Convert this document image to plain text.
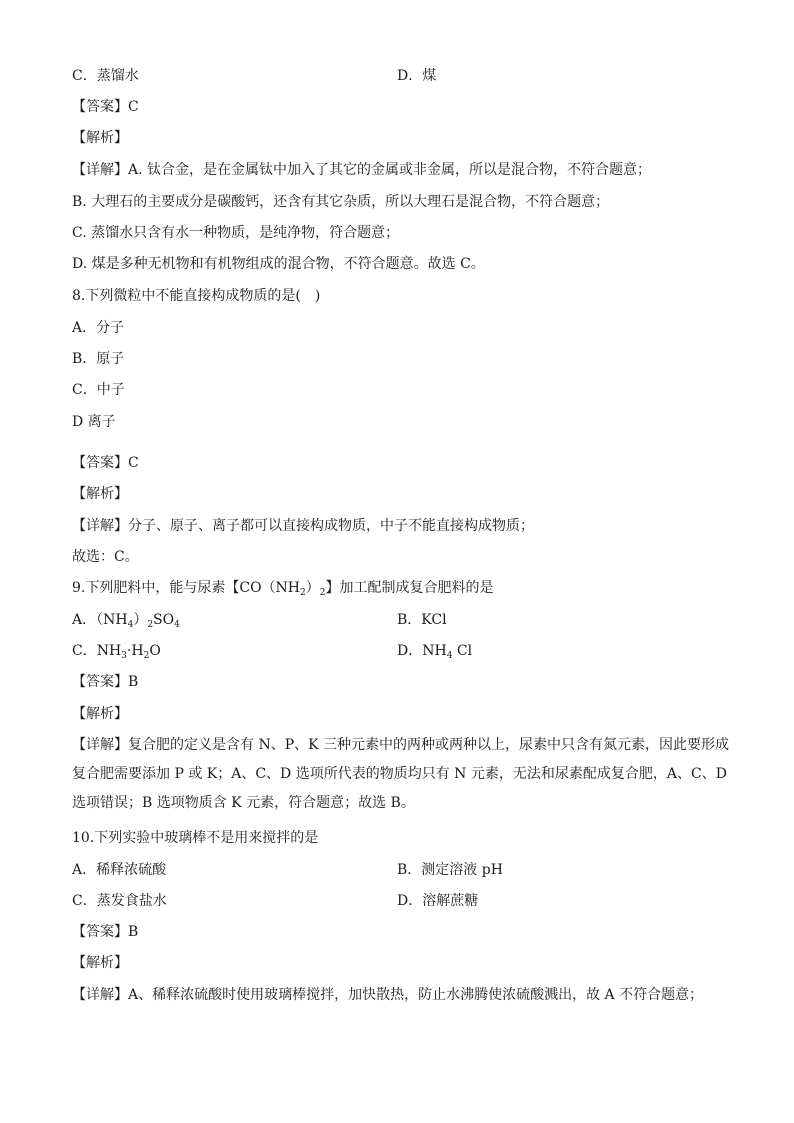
C．蒸馏水	D．煤
【答案】C
【解析】
【详解】A. 钛合金，是在金属钛中加入了其它的金属或非金属，所以是混合物，不符合题意；
B. 大理石的主要成分是碳酸钙，还含有其它杂质，所以大理石是混合物，不符合题意；
C. 蒸馏水只含有水一种物质，是纯净物，符合题意；
D. 煤是多种无机物和有机物组成的混合物，不符合题意。故选 C。
8.下列微粒中不能直接构成物质的是(　)
A．分子
B．原子
C．中子
D 离子
【答案】C
【解析】
【详解】分子、原子、离子都可以直接构成物质，中子不能直接构成物质；
故选：C。
9.下列肥料中，能与尿素【$CO(NH_2)_2$】加工配制成复合肥料的是
A．$(NH_4)_2SO_4$	B．KCl
C．$NH_3\cdot H_2O$	D．$NH_4$ Cl
【答案】B
【解析】
【详解】复合肥的定义是含有 N、P、K 三种元素中的两种或两种以上，尿素中只含有氮元素，因此要形成复合肥需要添加 P 或 K；A、C、D 选项所代表的物质均只有 N 元素，无法和尿素配成复合肥，A、C、D 选项错误；B 选项物质含 K 元素，符合题意；故选 B。
10.下列实验中玻璃棒不是用来搅拌的是
A．稀释浓硫酸	B．测定溶液 pH
C．蒸发食盐水	D．溶解蔗糖
【答案】B
【解析】
【详解】A、稀释浓硫酸时使用玻璃棒搅拌，加快散热，防止水沸腾使浓硫酸溅出，故 A 不符合题意；
